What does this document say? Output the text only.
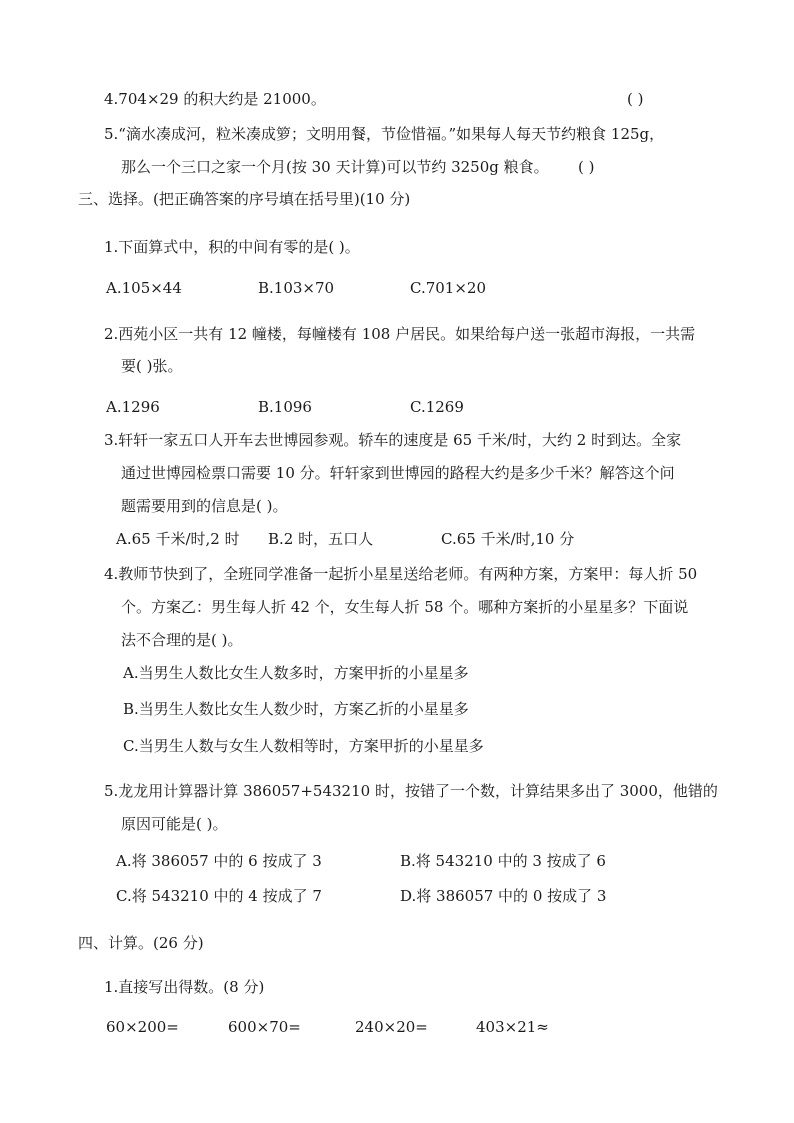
4.704×29 的积大约是 21000。	( )
5.“滴水凑成河，粒米凑成箩；文明用餐，节俭惜福。”如果每人每天节约粮食 125g，
那么一个三口之家一个月(按 30 天计算)可以节约 3250g 粮食。 ( )
三、选择。(把正确答案的序号填在括号里)(10 分)
1.下面算式中，积的中间有零的是( )。
A.105×44	B.103×70	C.701×20
2.西苑小区一共有 12 幢楼，每幢楼有 108 户居民。如果给每户送一张超市海报，一共需
要( )张。
A.1296	B.1096	C.1269
3.轩轩一家五口人开车去世博园参观。轿车的速度是 65 千米/时，大约 2 时到达。全家
通过世博园检票口需要 10 分。轩轩家到世博园的路程大约是多少千米？解答这个问
题需要用到的信息是( )。
A.65 千米/时,2 时 B.2 时，五口人	C.65 千米/时,10 分
4.教师节快到了，全班同学准备一起折小星星送给老师。有两种方案，方案甲：每人折 50
个。方案乙：男生每人折 42 个，女生每人折 58 个。哪种方案折的小星星多？下面说
法不合理的是( )。
A.当男生人数比女生人数多时，方案甲折的小星星多
B.当男生人数比女生人数少时，方案乙折的小星星多
C.当男生人数与女生人数相等时，方案甲折的小星星多
5.龙龙用计算器计算 386057+543210 时，按错了一个数，计算结果多出了 3000，他错的
原因可能是( )。
A.将 386057 中的 6 按成了 3	B.将 543210 中的 3 按成了 6
C.将 543210 中的 4 按成了 7	D.将 386057 中的 0 按成了 3
四、计算。(26 分)
1.直接写出得数。(8 分)
60×200=	600×70=	240×20=	403×21≈
